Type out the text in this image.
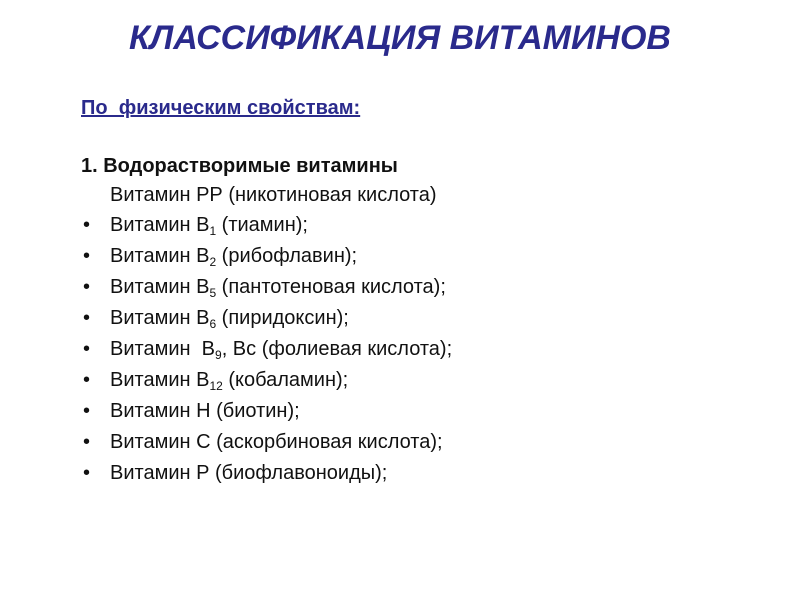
КЛАССИФИКАЦИЯ ВИТАМИНОВ
По  физическим свойствам:
1. Водорастворимые витамины
Витамин РР (никотиновая кислота)
• Витамин $В_1$ (тиамин);
• Витамин $В_2$ (рибофлавин);
• Витамин $В_5$ (пантотеновая кислота);
• Витамин $В_6$ (пиридоксин);
• Витамин  $В_9$, Вс (фолиевая кислота);
• Витамин $В_{12}$ (кобаламин);
• Витамин Н (биотин);
• Витамин С (аскорбиновая кислота);
• Витамин Р (биофлавоноиды);
